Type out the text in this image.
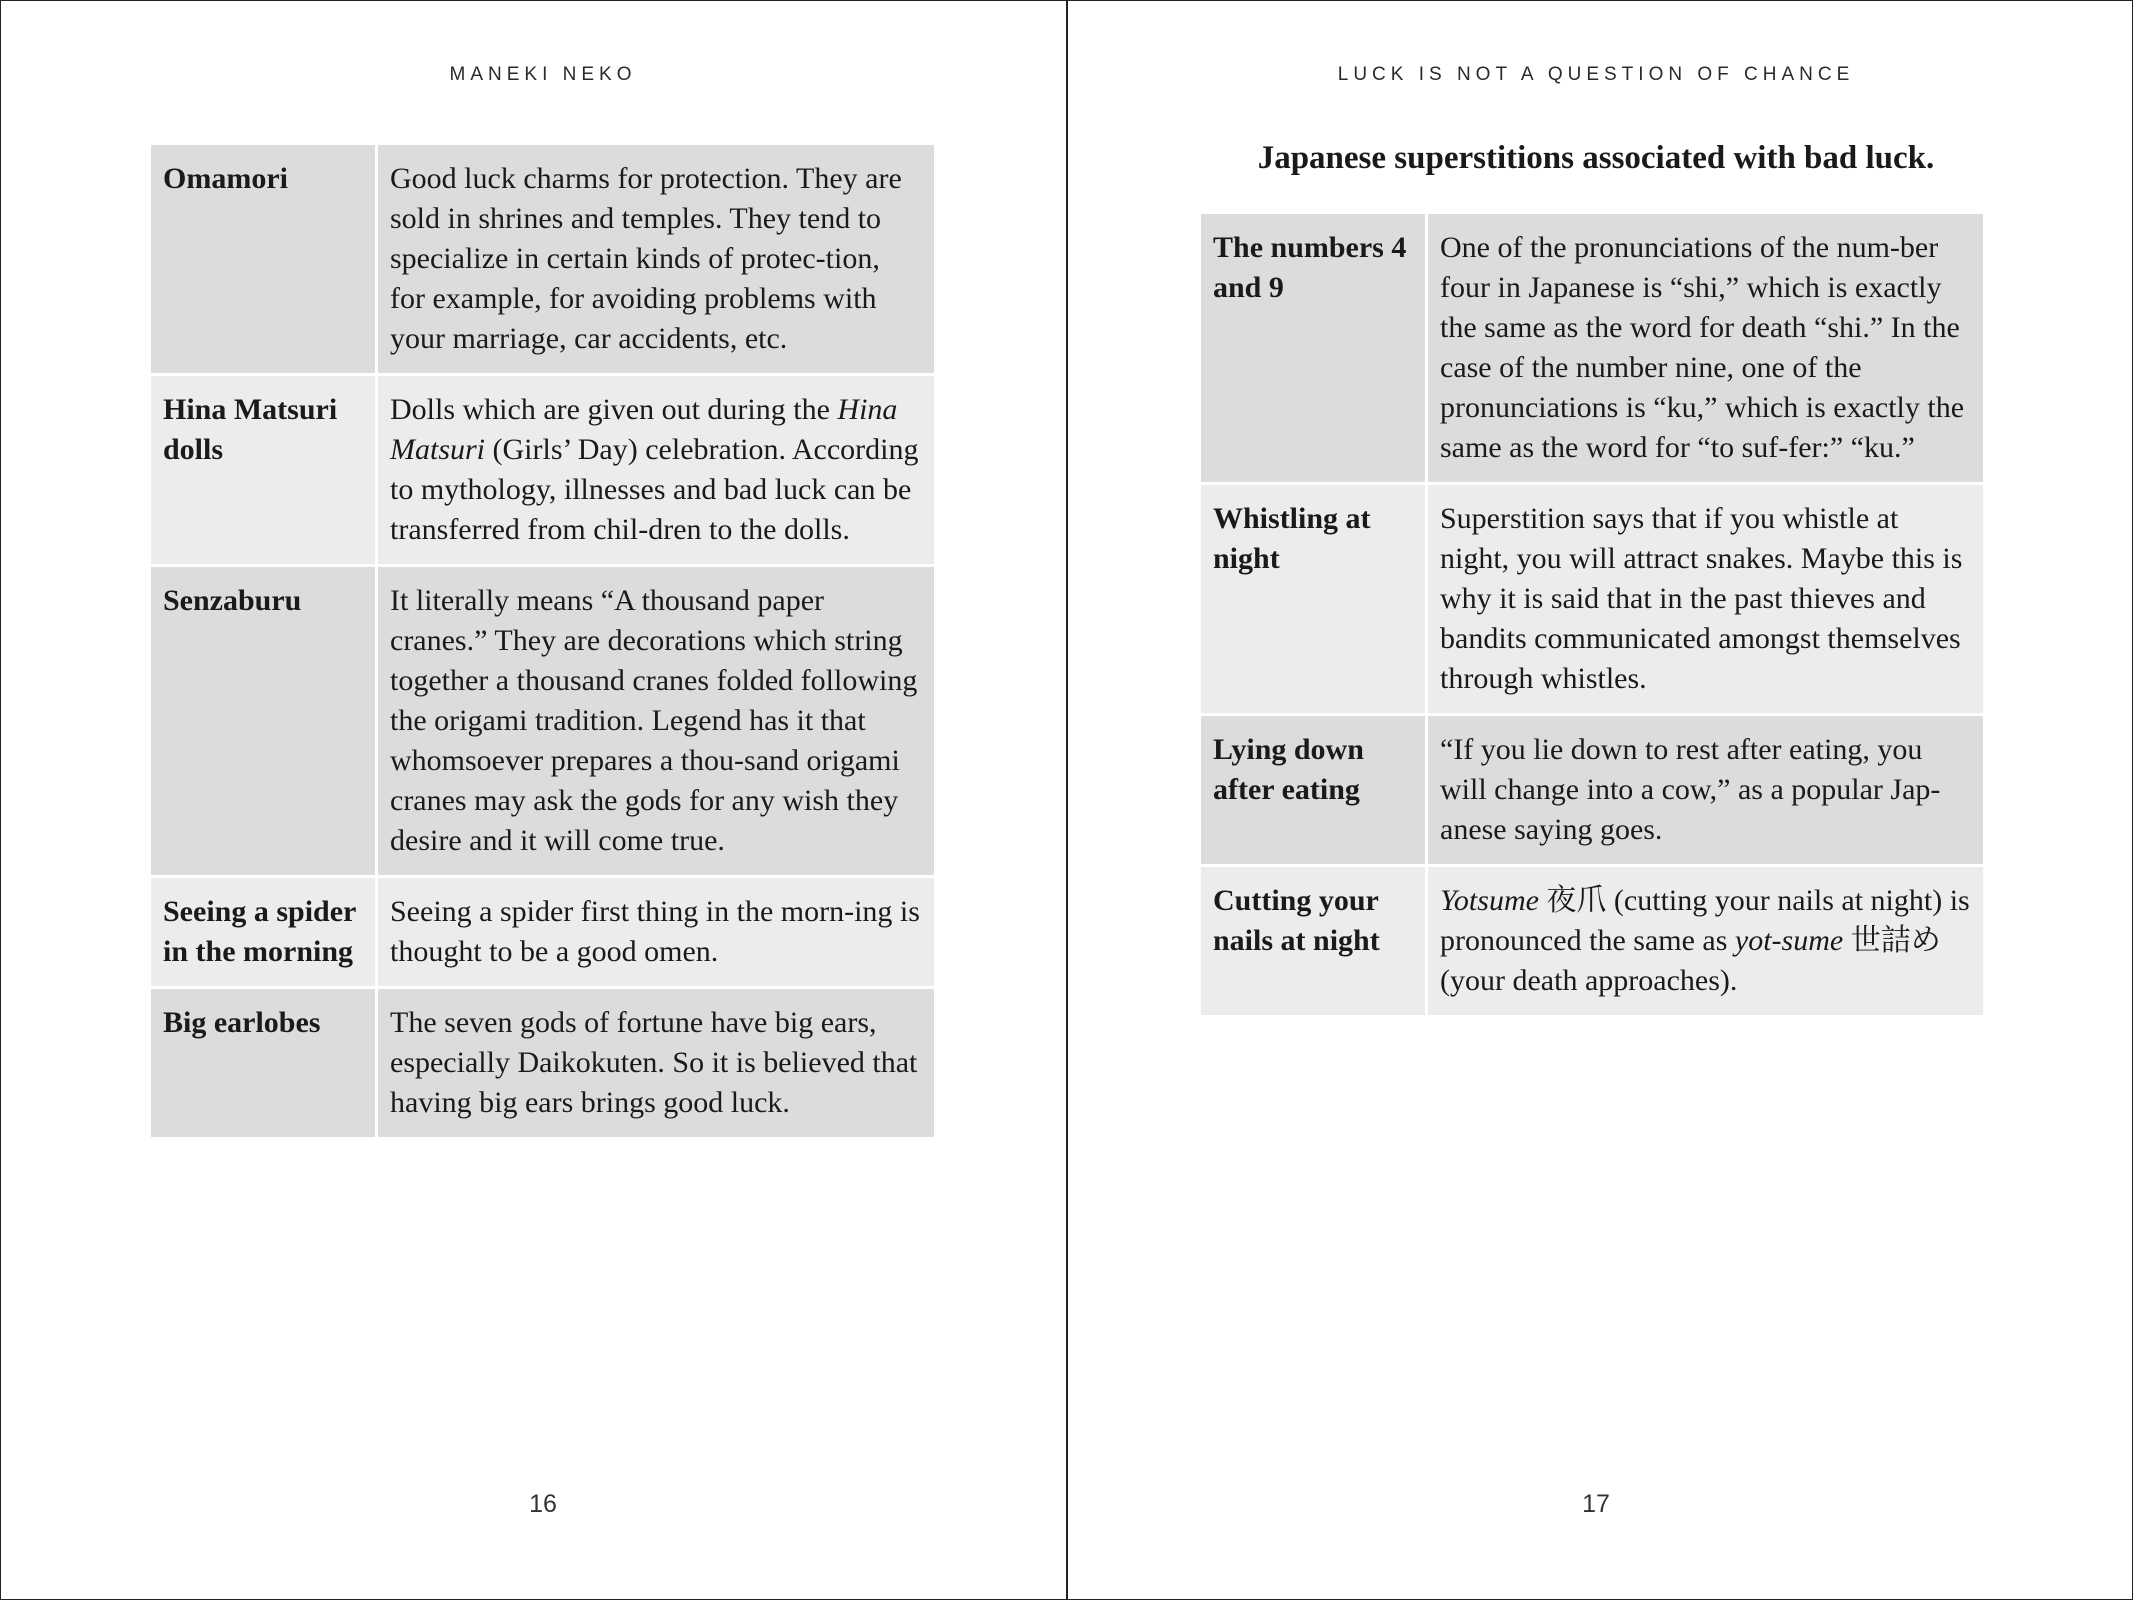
MANEKI NEKO
Omamori	Good luck charms for protection. They are sold in shrines and temples. They tend to specialize in certain kinds of protec-tion, for example, for avoiding problems with your marriage, car accidents, etc.
Hina Matsuri dolls	Dolls which are given out during the Hina Matsuri (Girls’ Day) celebration. According to mythology, illnesses and bad luck can be transferred from chil-dren to the dolls.
Senzaburu	It literally means “A thousand paper cranes.” They are decorations which string together a thousand cranes folded following the origami tradition. Legend has it that whomsoever prepares a thou-sand origami cranes may ask the gods for any wish they desire and it will come true.
Seeing a spider in the morning	Seeing a spider first thing in the morn-ing is thought to be a good omen.
Big earlobes	The seven gods of fortune have big ears, especially Daikokuten. So it is believed that having big ears brings good luck.
16
LUCK IS NOT A QUESTION OF CHANCE
Japanese superstitions associated with bad luck.
The numbers 4 and 9	One of the pronunciations of the num-ber four in Japanese is “shi,” which is exactly the same as the word for death “shi.” In the case of the number nine, one of the pronunciations is “ku,” which is exactly the same as the word for “to suf-fer:” “ku.”
Whistling at night	Superstition says that if you whistle at night, you will attract snakes. Maybe this is why it is said that in the past thieves and bandits communicated amongst themselves through whistles.
Lying down after eating	“If you lie down to rest after eating, you will change into a cow,” as a popular Jap-anese saying goes.
Cutting your nails at night	Yotsume 夜爪 (cutting your nails at night) is pronounced the same as yot-sume 世詰め (your death approaches).
17
